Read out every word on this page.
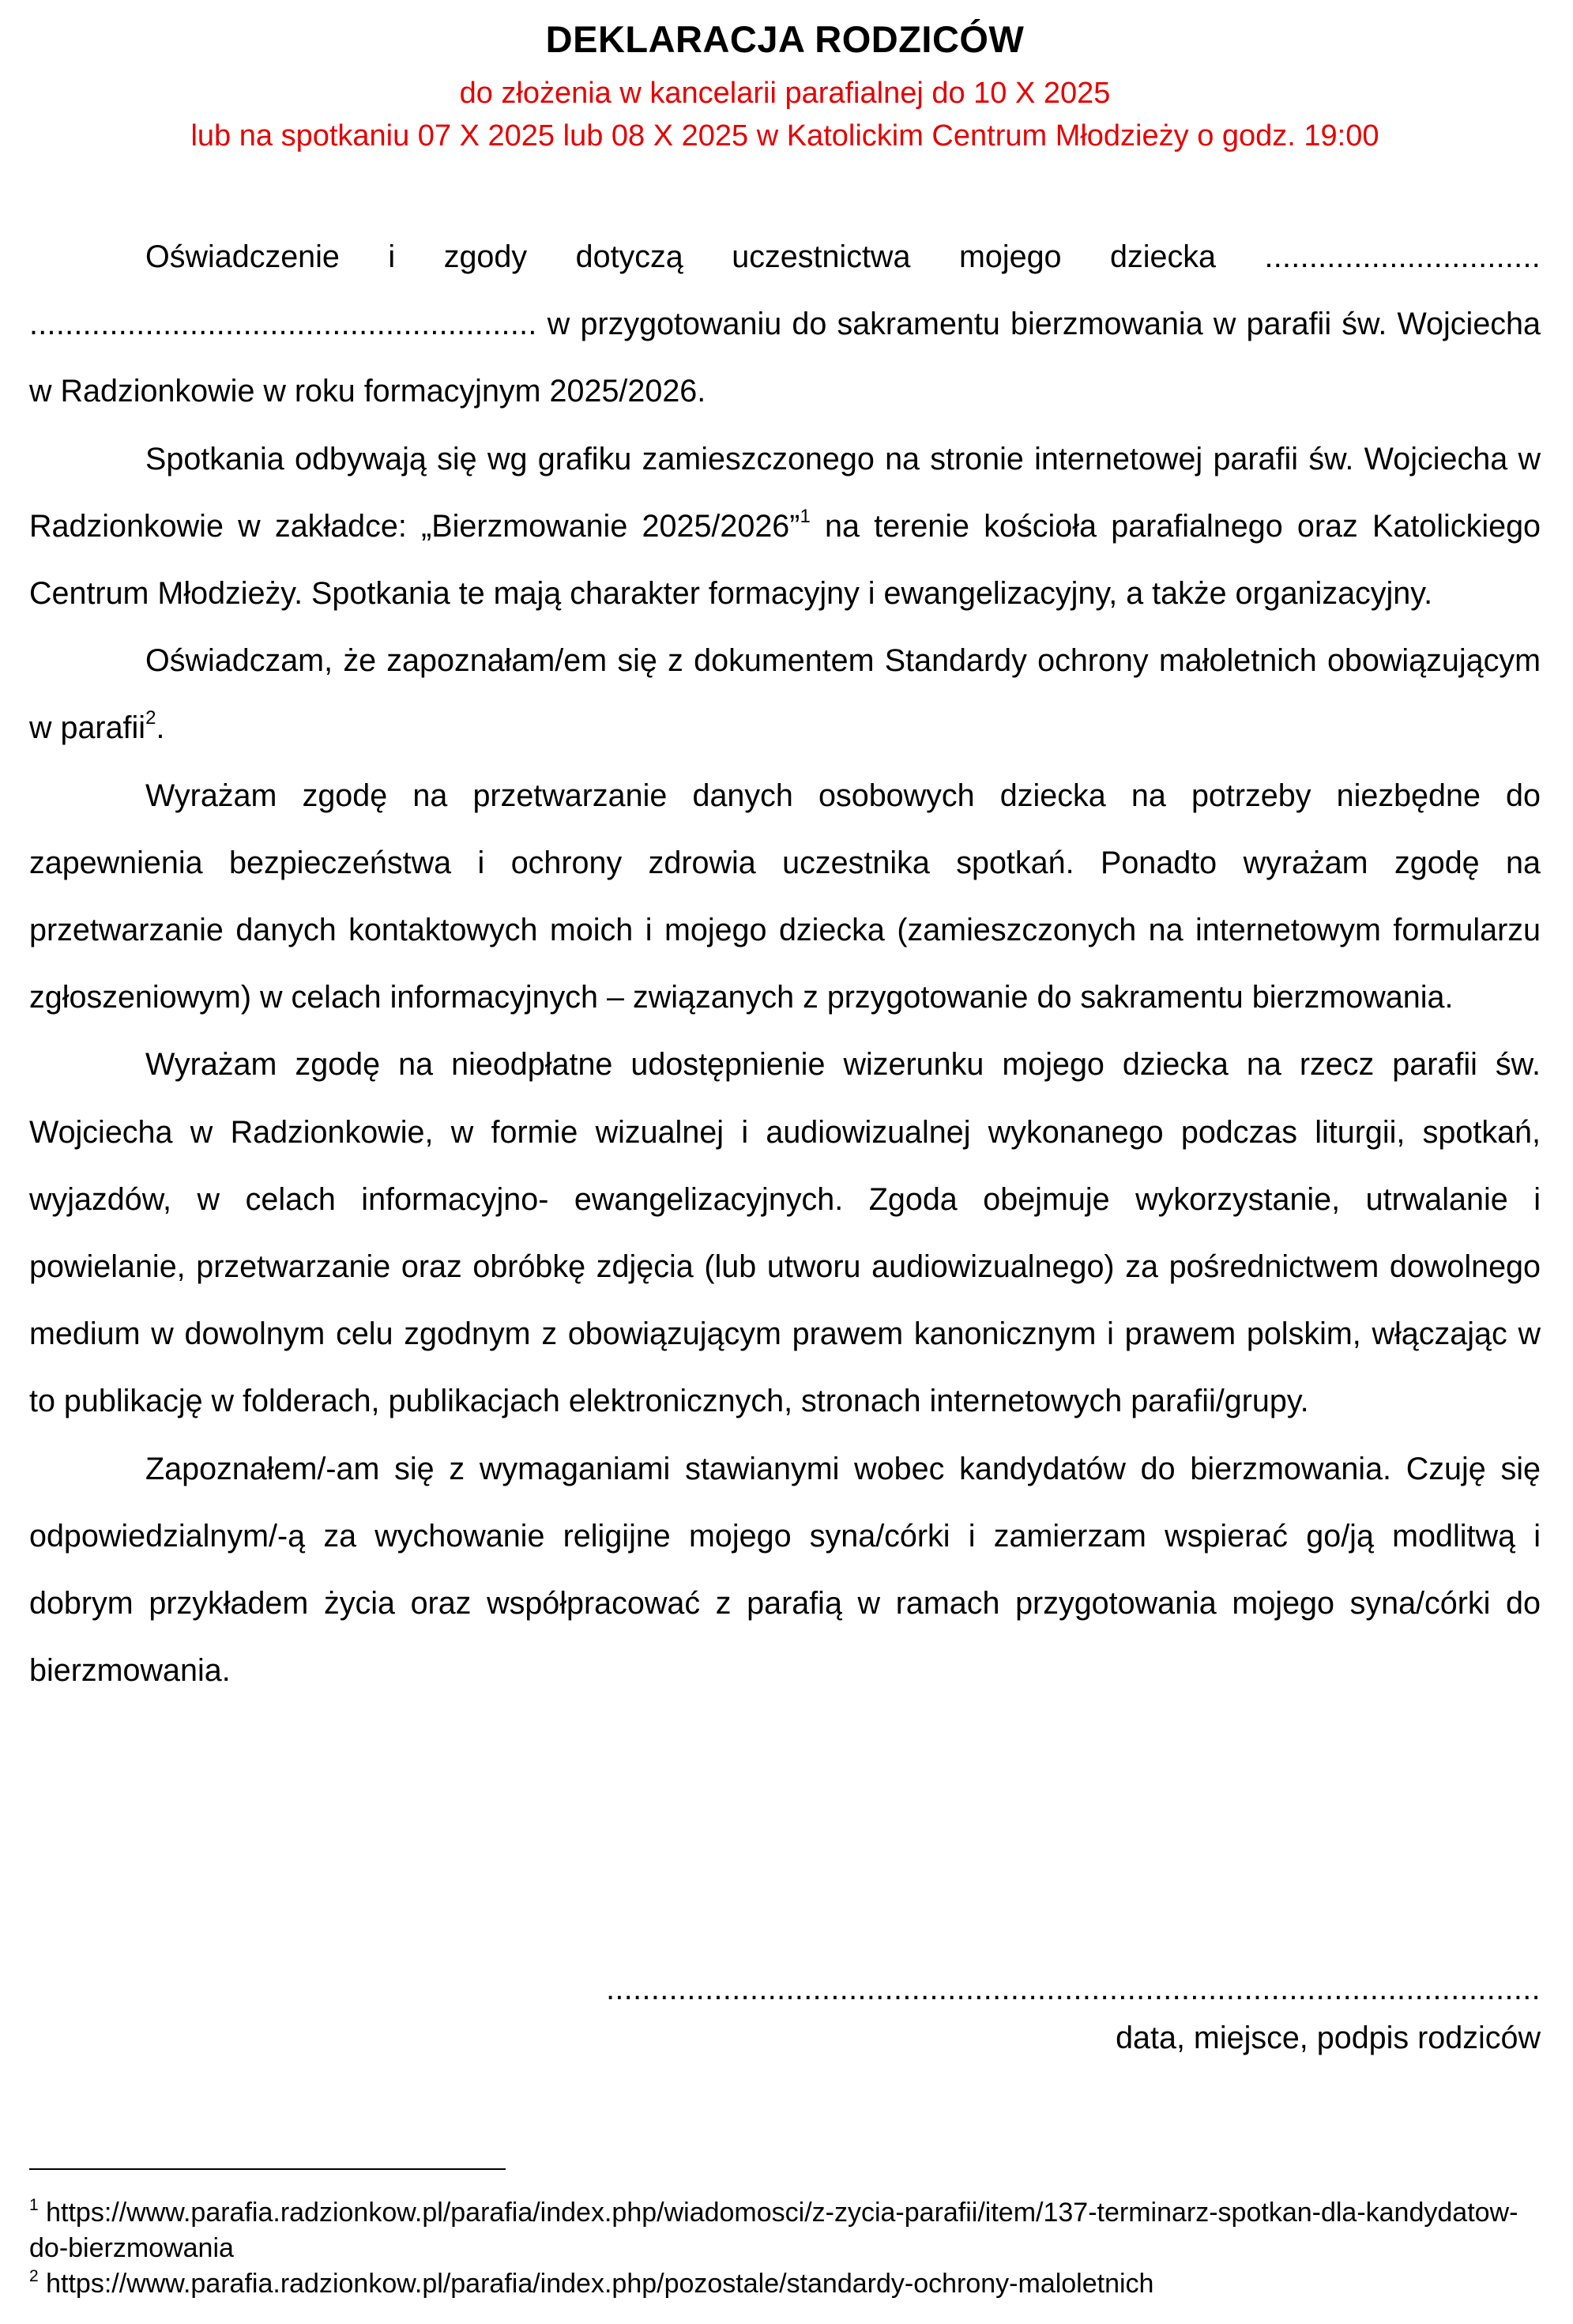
DEKLARACJA RODZICÓW
do złożenia w kancelarii parafialnej do 10 X 2025
lub na spotkaniu 07 X 2025 lub 08 X 2025 w Katolickim Centrum Młodzieży o godz. 19:00

Oświadczenie i zgody dotyczą uczestnictwa mojego dziecka ............................... ......................................................... w przygotowaniu do sakramentu bierzmowania w parafii św. Wojciecha w Radzionkowie w roku formacyjnym 2025/2026.

Spotkania odbywają się wg grafiku zamieszczonego na stronie internetowej parafii św. Wojciecha w Radzionkowie w zakładce: „Bierzmowanie 2025/2026”$^1$ na terenie kościoła parafialnego oraz Katolickiego Centrum Młodzieży. Spotkania te mają charakter formacyjny i ewangelizacyjny, a także organizacyjny.

Oświadczam, że zapoznałam/em się z dokumentem Standardy ochrony małoletnich obowiązującym w parafii$^2$.

Wyrażam zgodę na przetwarzanie danych osobowych dziecka na potrzeby niezbędne do zapewnienia bezpieczeństwa i ochrony zdrowia uczestnika spotkań. Ponadto wyrażam zgodę na przetwarzanie danych kontaktowych moich i mojego dziecka (zamieszczonych na internetowym formularzu zgłoszeniowym) w celach informacyjnych – związanych z przygotowanie do sakramentu bierzmowania.

Wyrażam zgodę na nieodpłatne udostępnienie wizerunku mojego dziecka na rzecz parafii św. Wojciecha w Radzionkowie, w formie wizualnej i audiowizualnej wykonanego podczas liturgii, spotkań, wyjazdów, w celach informacyjno- ewangelizacyjnych. Zgoda obejmuje wykorzystanie, utrwalanie i powielanie, przetwarzanie oraz obróbkę zdjęcia (lub utworu audiowizualnego) za pośrednictwem dowolnego medium w dowolnym celu zgodnym z obowiązującym prawem kanonicznym i prawem polskim, włączając w to publikację w folderach, publikacjach elektronicznych, stronach internetowych parafii/grupy.

Zapoznałem/-am się z wymaganiami stawianymi wobec kandydatów do bierzmowania. Czuję się odpowiedzialnym/-ą za wychowanie religijne mojego syna/córki i zamierzam wspierać go/ją modlitwą i dobrym przykładem życia oraz współpracować z parafią w ramach przygotowania mojego syna/córki do bierzmowania.

........................................................................................................
data, miejsce, podpis rodziców

$^1$ https://www.parafia.radzionkow.pl/parafia/index.php/wiadomosci/z-zycia-parafii/item/137-terminarz-spotkan-dla-kandydatow-do-bierzmowania

$^2$ https://www.parafia.radzionkow.pl/parafia/index.php/pozostale/standardy-ochrony-maloletnich
